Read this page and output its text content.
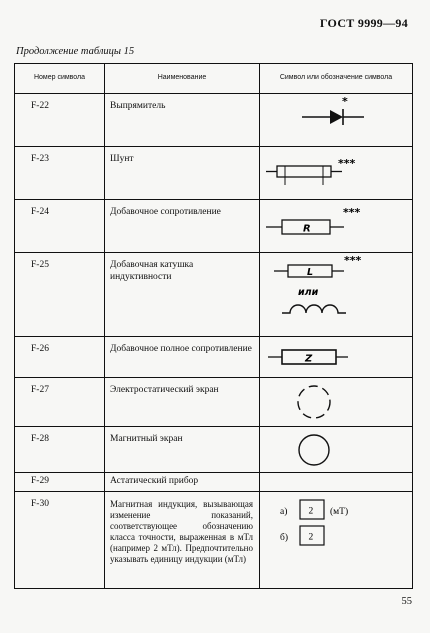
ГОСТ 9999—94
Продолжение таблицы 15
Номер символа	Наименование	Символ или обозначение символа
F-22	Выпрямитель	*

F-23	Шунт	***

F-24	Добавочное сопротивление	R
***

F-25	Добавочная катушка индуктивности	L
***
или

F-26	Добавочное полное сопротивление	Z

F-27	Электростатический экран	

F-28	Магнитный экран	

F-29	Астатический прибор	
F-30	Магнитная индукция, вызывающая изменение показаний, соответствующее обозначению класса точности, выраженная в мТл (например 2 мТл). Предпочтительно указывать единицу индукции (мТл)	а) 2 (мТ)
б) 2
55
